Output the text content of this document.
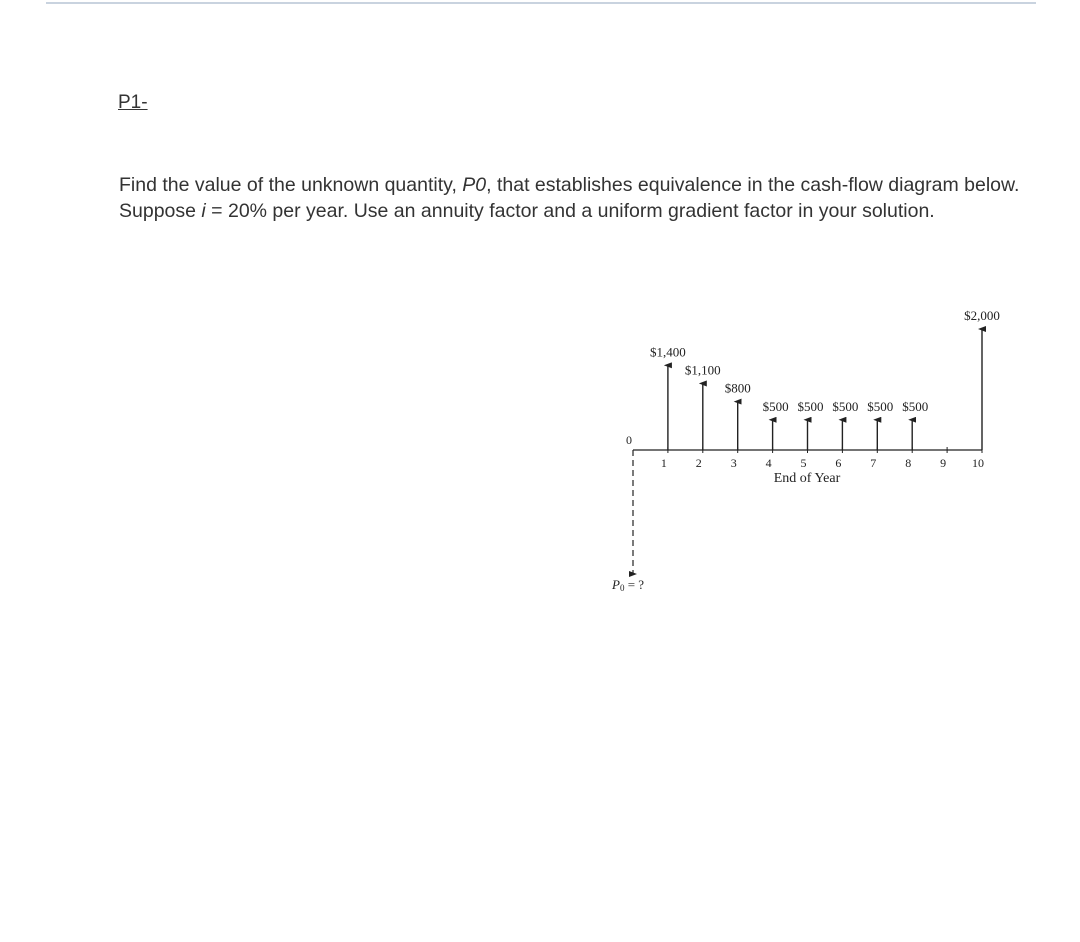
P1-
Find the value of the unknown quantity, P0, that establishes equivalence in the cash-flow diagram below. Suppose i = 20% per year. Use an annuity factor and a uniform gradient factor in your solution.
$1,400
$1,100
$800
$500 $500 $500 $500 $500
$2,000
1 2 3 4 5 6 7 8 9 10
0
P0 = ?
End of Year
